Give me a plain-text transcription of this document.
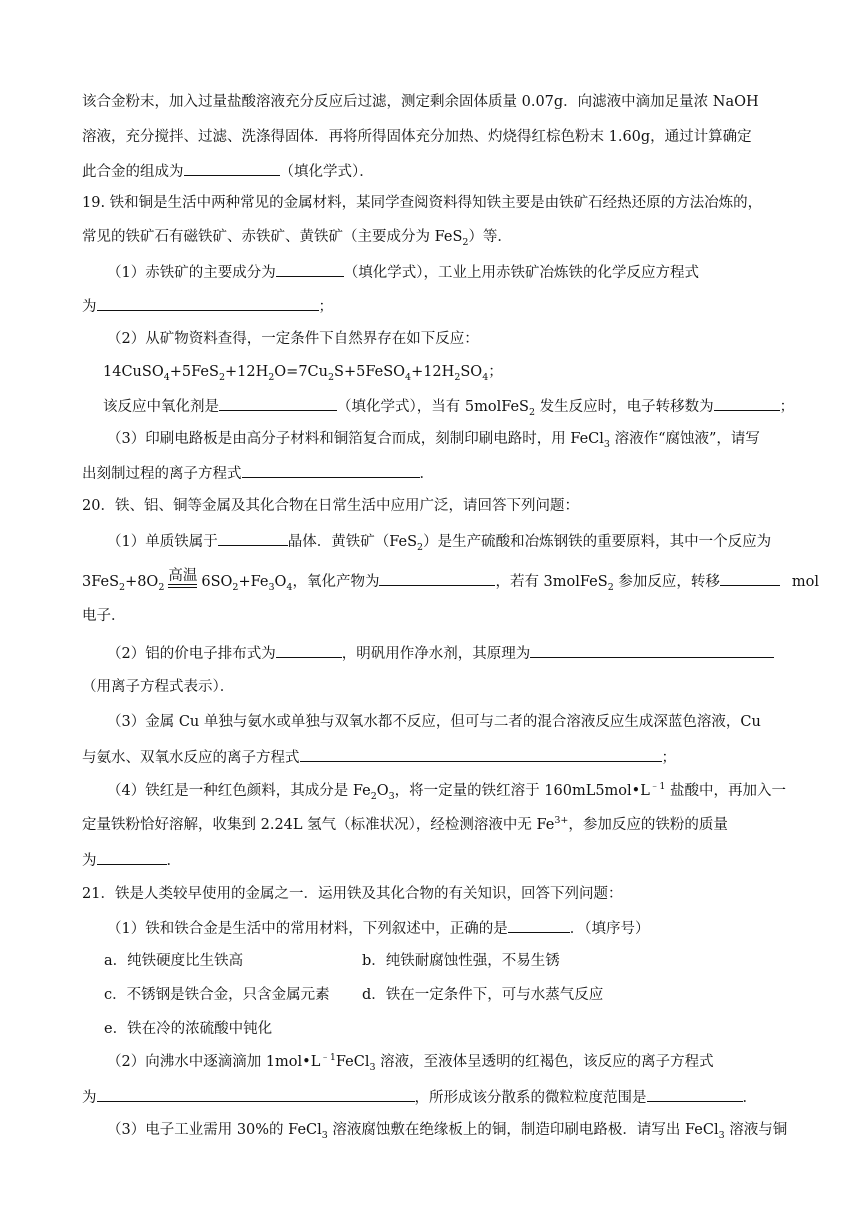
该合金粉末，加入过量盐酸溶液充分反应后过滤，测定剩余固体质量 0.07g．向滤液中滴加足量浓 NaOH
溶液，充分搅拌、过滤、洗涤得固体．再将所得固体充分加热、灼烧得红棕色粉末 1.60g，通过计算确定
此合金的组成为	（填化学式）．
19. 铁和铜是生活中两种常见的金属材料，某同学查阅资料得知铁主要是由铁矿石经热还原的方法冶炼的，
常见的铁矿石有磁铁矿、赤铁矿、黄铁矿（主要成分为 FeS$_2$）等．
（1）赤铁矿的主要成分为	（填化学式），工业上用赤铁矿冶炼铁的化学反应方程式
为	；
（2）从矿物资料查得，一定条件下自然界存在如下反应：
$14CuSO_4+5FeS_2+12H_2O=7Cu_2S+5FeSO_4+12H_2SO_4$；
该反应中氧化剂是	（填化学式），当有 5molFeS$_2$ 发生反应时，电子转移数为	；
（3）印刷电路板是由高分子材料和铜箔复合而成，刻制印刷电路时，用 FeCl$_3$ 溶液作“腐蚀液”，请写
出刻制过程的离子方程式	．
20．铁、铝、铜等金属及其化合物在日常生活中应用广泛，请回答下列问题：
（1）单质铁属于	晶体．黄铁矿（FeS$_2$）是生产硫酸和冶炼钢铁的重要原料，其中一个反应为
$3FeS_2+8O_2$
高温 $6SO_2+Fe_3O_4$，氧化产物为	，若有 3molFeS$_2$ 参加反应，转移	mol
电子．
（2）铝的价电子排布式为	，明矾用作净水剂，其原理为
（用离子方程式表示）．
（3）金属 Cu 单独与氨水或单独与双氧水都不反应，但可与二者的混合溶液反应生成深蓝色溶液，Cu
与氨水、双氧水反应的离子方程式	；
（4）铁红是一种红色颜料，其成分是 $Fe_2O_3$，将一定量的铁红溶于 $160mL5mol•L^{﹣1}$ 盐酸中，再加入一
定量铁粉恰好溶解，收集到 2.24L 氢气（标准状况），经检测溶液中无 $Fe^{3+}$，参加反应的铁粉的质量
为	．
21．铁是人类较早使用的金属之一．运用铁及其化合物的有关知识，回答下列问题：
（1）铁和铁合金是生活中的常用材料，下列叙述中，正确的是	．（填序号）
a．纯铁硬度比生铁高	b．纯铁耐腐蚀性强，不易生锈
c．不锈钢是铁合金，只含金属元素 d．铁在一定条件下，可与水蒸气反应
e．铁在冷的浓硫酸中钝化
（2）向沸水中逐滴滴加 $1mol•L^{﹣1}FeCl_3$ 溶液，至液体呈透明的红褐色，该反应的离子方程式
为	，所形成该分散系的微粒粒度范围是	．
（3）电子工业需用 30%的 FeCl$_3$ 溶液腐蚀敷在绝缘板上的铜，制造印刷电路极．请写出 FeCl$_3$ 溶液与铜
